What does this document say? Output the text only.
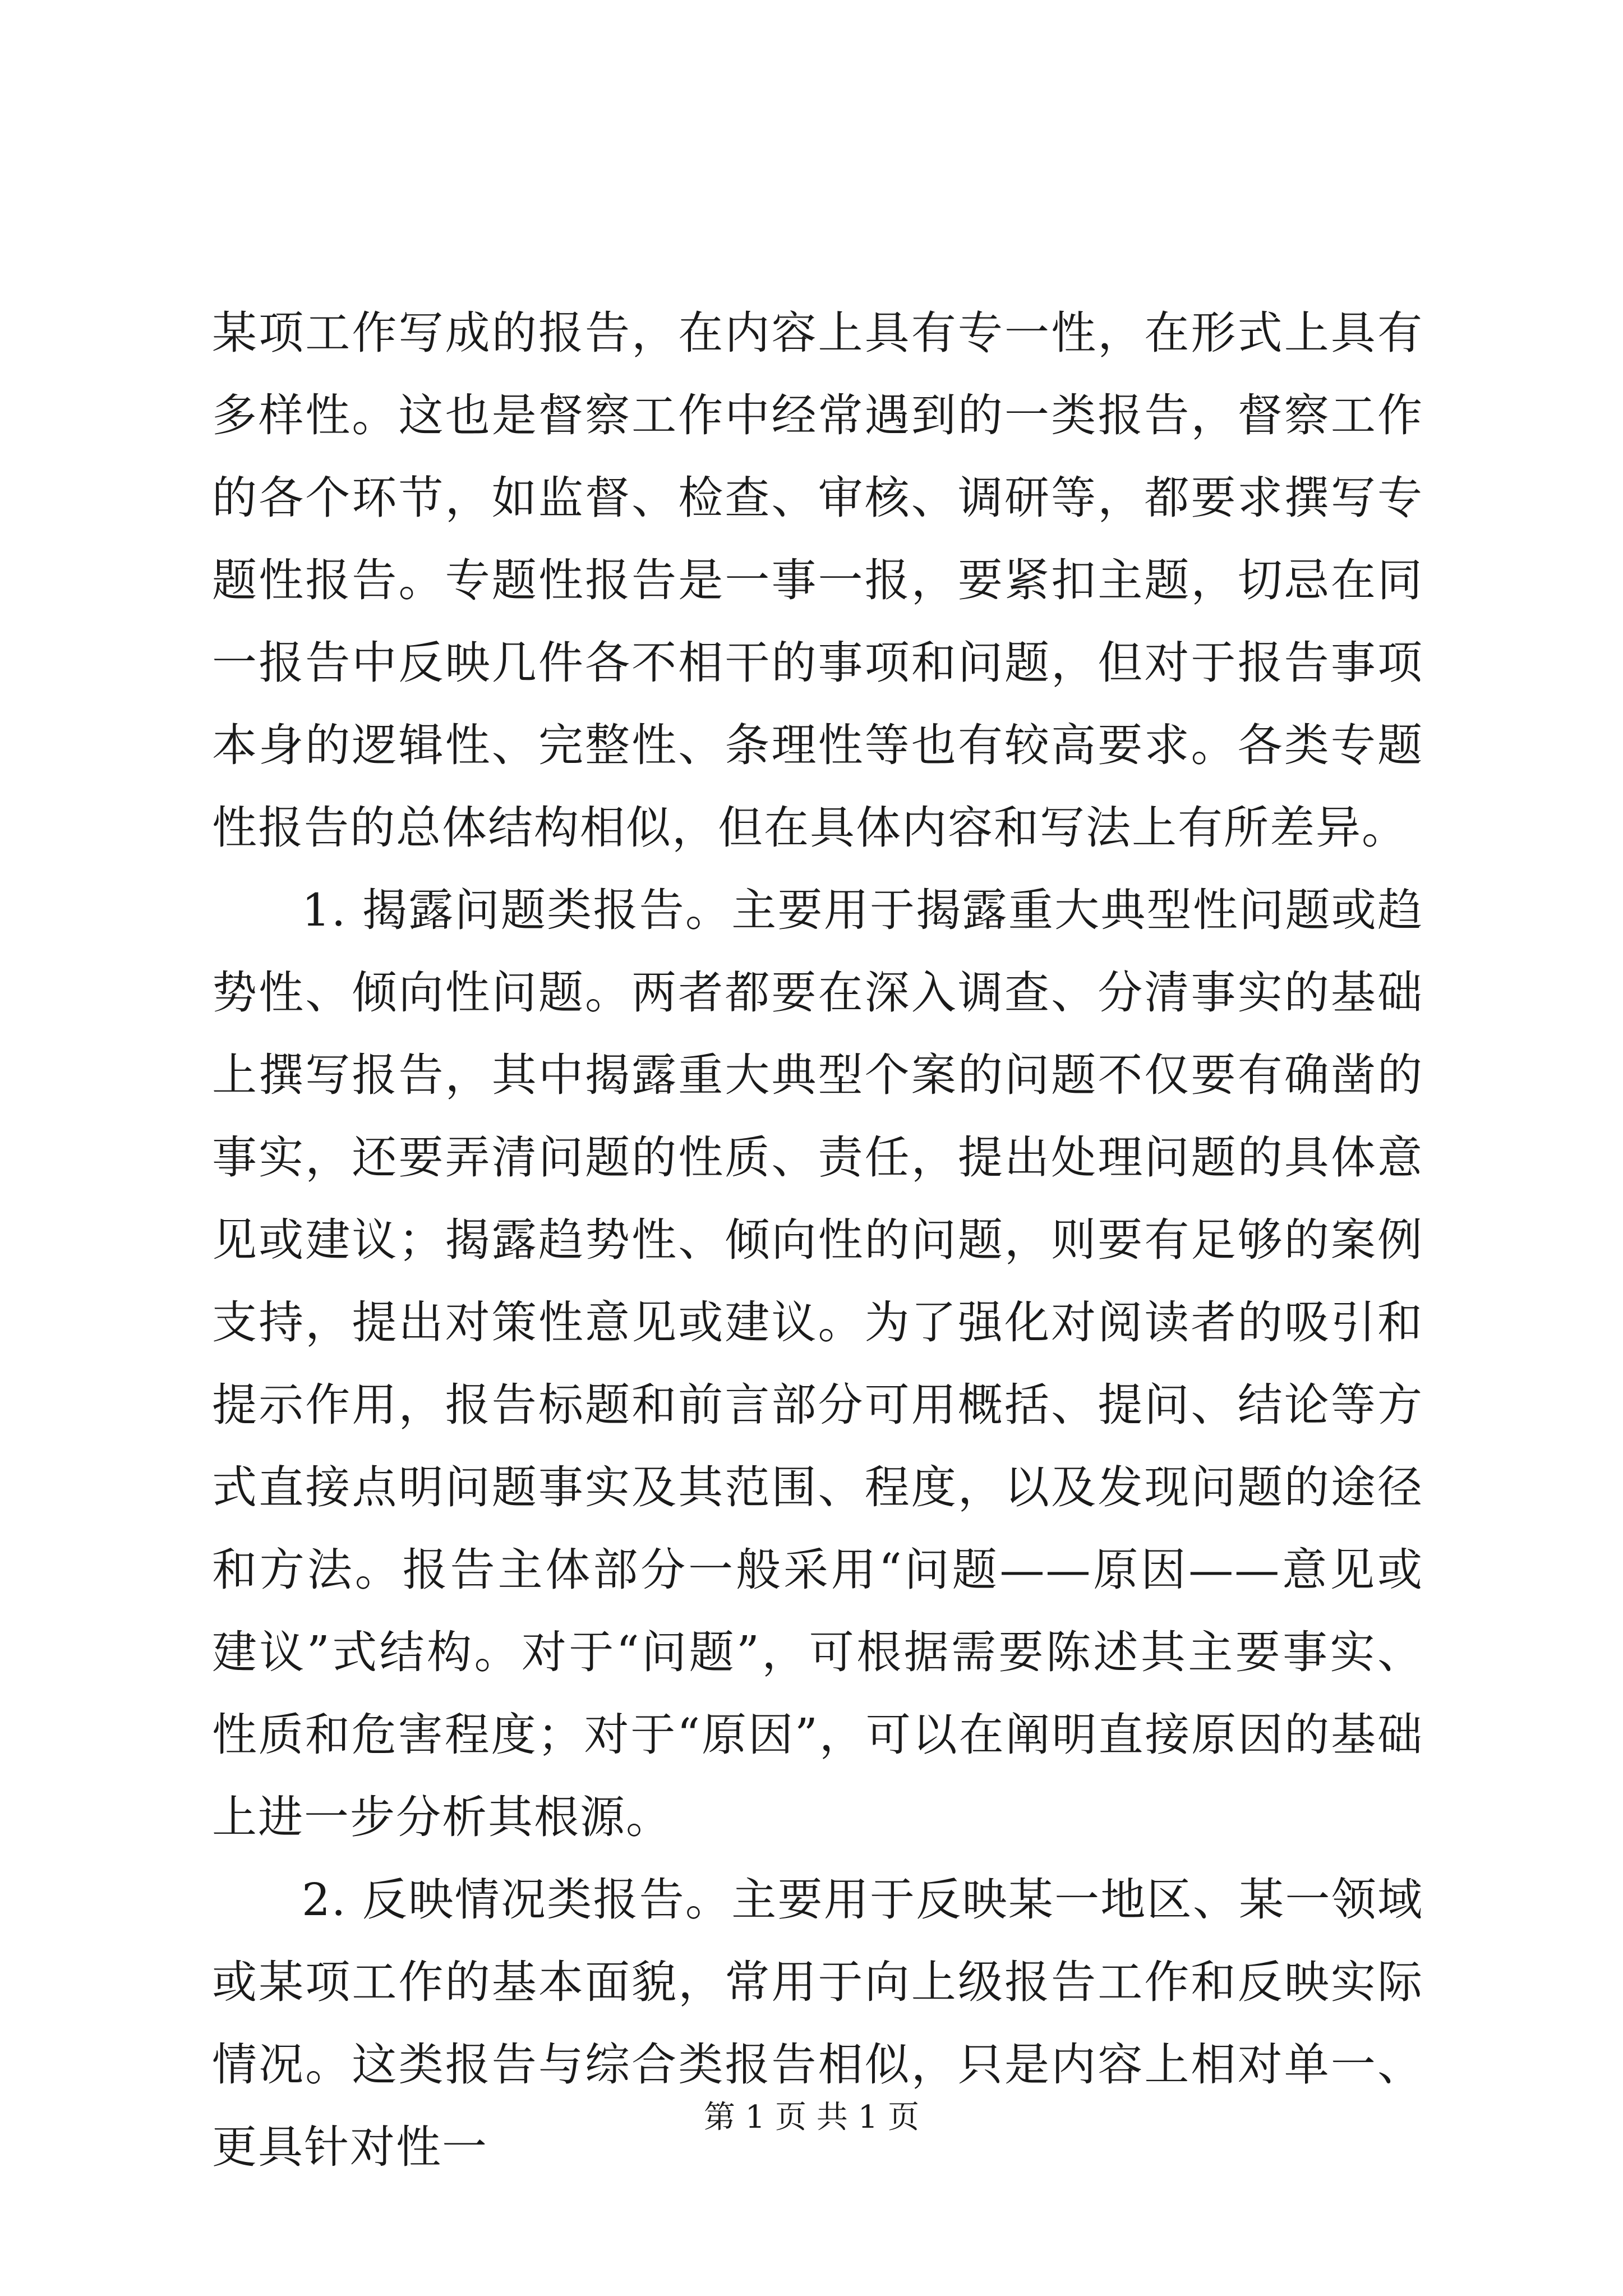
某项工作写成的报告，在内容上具有专一性，在形式上具有多样性。这也是督察工作中经常遇到的一类报告，督察工作的各个环节，如监督、检查、审核、调研等，都要求撰写专题性报告。专题性报告是一事一报，要紧扣主题，切忌在同一报告中反映几件各不相干的事项和问题，但对于报告事项本身的逻辑性、完整性、条理性等也有较高要求。各类专题性报告的总体结构相似，但在具体内容和写法上有所差异。

1. 揭露问题类报告。主要用于揭露重大典型性问题或趋势性、倾向性问题。两者都要在深入调查、分清事实的基础上撰写报告，其中揭露重大典型个案的问题不仅要有确凿的事实，还要弄清问题的性质、责任，提出处理问题的具体意见或建议；揭露趋势性、倾向性的问题，则要有足够的案例支持，提出对策性意见或建议。为了强化对阅读者的吸引和提示作用，报告标题和前言部分可用概括、提问、结论等方式直接点明问题事实及其范围、程度，以及发现问题的途径和方法。报告主体部分一般采用“问题——原因——意见或建议”式结构。对于“问题”，可根据需要陈述其主要事实、性质和危害程度；对于“原因”，可以在阐明直接原因的基础上进一步分析其根源。

2. 反映情况类报告。主要用于反映某一地区、某一领域或某项工作的基本面貌，常用于向上级报告工作和反映实际情况。这类报告与综合类报告相似，只是内容上相对单一、更具针对性一

第 1 页 共 1 页
